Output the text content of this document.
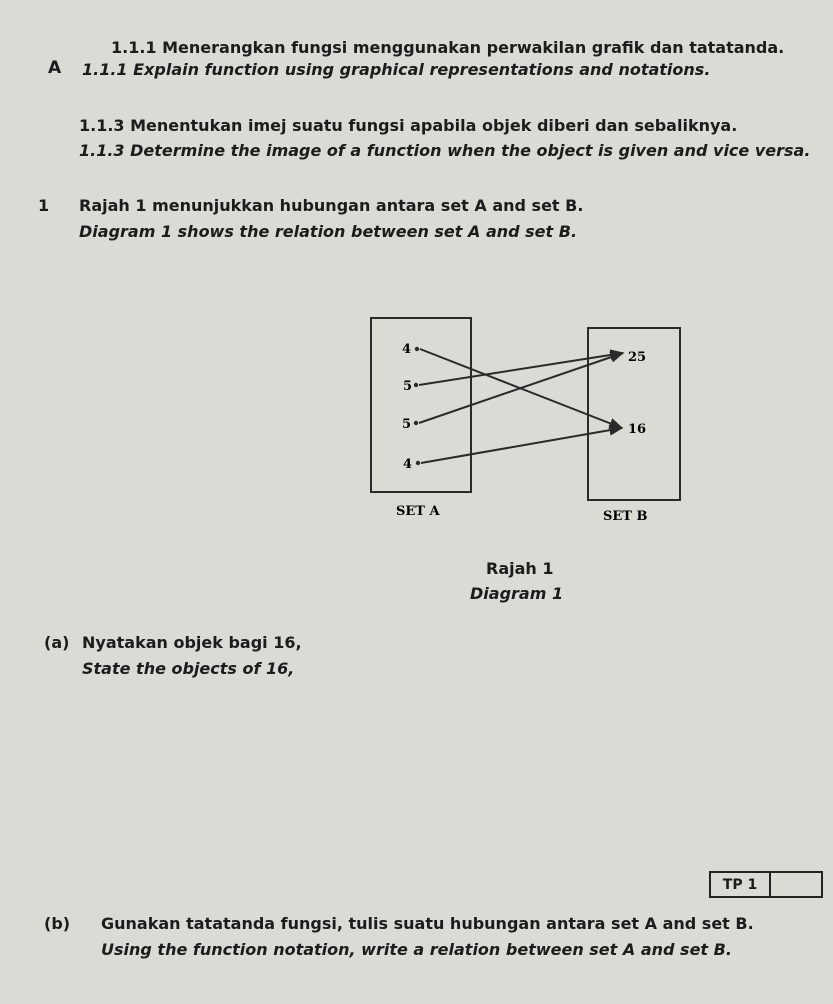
1.1.1 Menerangkan fungsi menggunakan perwakilan grafik dan tatatanda.
A 1.1.1 Explain function using graphical representations and notations.
1.1.3 Menentukan imej suatu fungsi apabila objek diberi dan sebaliknya.
1.1.3 Determine the image of a function when the object is given and vice versa.
1 Rajah 1 menunjukkan hubungan antara set A and set B.
Diagram 1 shows the relation between set A and set B.
4
5
5
4
25
16
SET A	SET B
Rajah 1
Diagram 1
(a) Nyatakan objek bagi 16,
State the objects of 16,
TP 1
(b) Gunakan tatatanda fungsi, tulis suatu hubungan antara set A and set B.
Using the function notation, write a relation between set A and set B.
